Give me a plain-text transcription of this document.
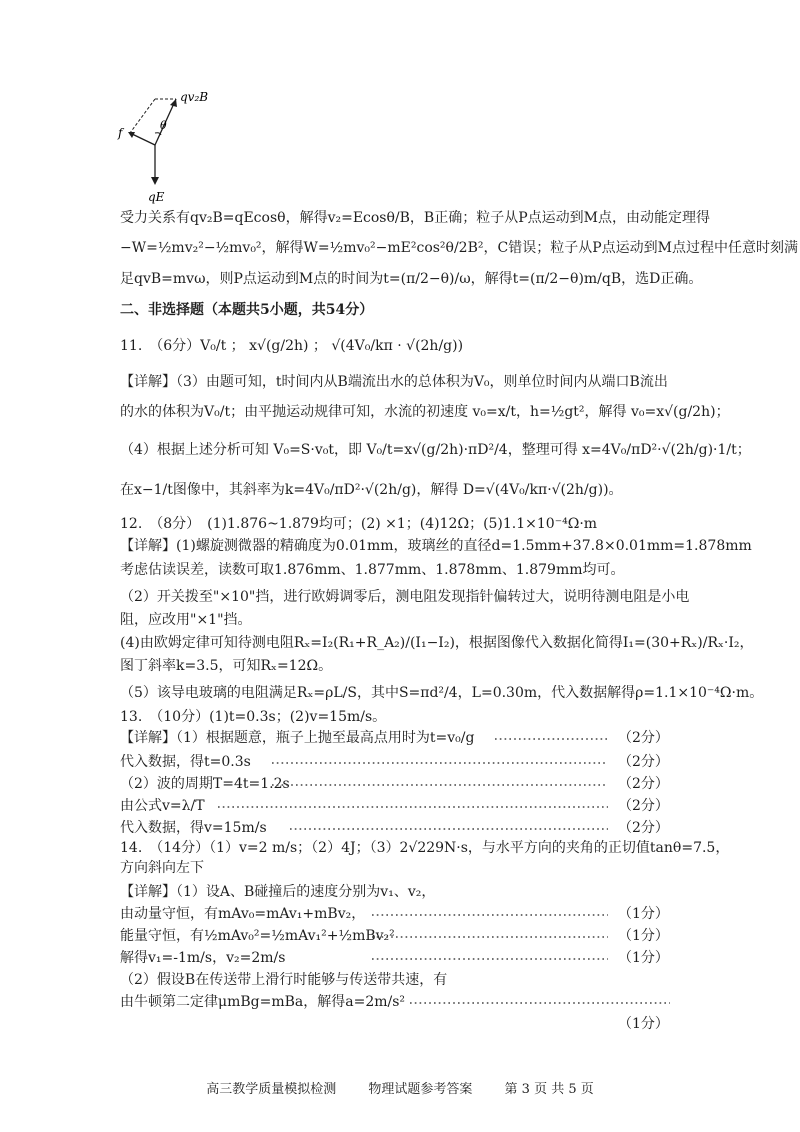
qv₂B
f
θ
qE
受力关系有qv₂B=qEcosθ，解得v₂=Ecosθ/B，B正确；粒子从P点运动到M点，由动能定理得
−W=½mv₂²−½mv₀²，解得W=½mv₀²−mE²cos²θ/2B²，C错误；粒子从P点运动到M点过程中任意时刻满
足qvB=mvω，则P点运动到M点的时间为t=(π/2−θ)/ω，解得t=(π/2−θ)m/qB，选D正确。
二、非选择题（本题共5小题，共54分）
11.　（6分）V₀/t ； x√(g/2h) ； √(4V₀/kπ · √(2h/g))
【详解】（3）由题可知，t时间内从B端流出水的总体积为V₀，则单位时间内从端口B流出
的水的体积为V₀/t；由平抛运动规律可知，水流的初速度 v₀=x/t，h=½gt²，解得 v₀=x√(g/2h)；
（4）根据上述分析可知 V₀=S·v₀t，即 V₀/t=x√(g/2h)·πD²/4，整理可得 x=4V₀/πD²·√(2h/g)·1/t；
在x−1/t图像中，其斜率为k=4V₀/πD²·√(2h/g)，解得 D=√(4V₀/kπ·√(2h/g))。
12.　（8分）　(1)1.876~1.879均可；(2) ×1；(4)12Ω；(5)1.1×10⁻⁴Ω·m
【详解】(1)螺旋测微器的精确度为0.01mm，玻璃丝的直径d=1.5mm+37.8×0.01mm=1.878mm
考虑估读误差，读数可取1.876mm、1.877mm、1.878mm、1.879mm均可。
（2）开关拨至"×10"挡，进行欧姆调零后，测电阻发现指针偏转过大，说明待测电阻是小电
阻，应改用"×1"挡。
(4)由欧姆定律可知待测电阻Rₓ=I₂(R₁+R_A₂)/(I₁−I₂)，根据图像代入数据化简得I₁=(30+Rₓ)/Rₓ·I₂，
图丁斜率k=3.5，可知Rₓ=12Ω。
（5）该导电玻璃的电阻满足Rₓ=ρL/S，其中S=πd²/4，L=0.30m，代入数据解得ρ=1.1×10⁻⁴Ω·m。
13.　（10分）(1)t=0.3s；(2)v=15m/s。
【详解】（1）根据题意，瓶子上抛至最高点用时为t=v₀/g
代入数据，得t=0.3s
（2）波的周期T=4t=1.2s
由公式v=λ/T
代入数据，得v=15m/s
14.　（14分）（1）v=2 m/s；（2）4J；（3）2√229N·s，与水平方向的夹角的正切值tanθ=7.5，
方向斜向左下
【详解】（1）设A、B碰撞后的速度分别为v₁、v₂，
由动量守恒，有mAv₀=mAv₁+mBv₂，
能量守恒，有½mAv₀²=½mAv₁²+½mBv₂²
解得v₁=-1m/s，v₂=2m/s
（2）假设B在传送带上滑行时能够与传送带共速，有
由牛顿第二定律μmBg=mBa，解得a=2m/s²
（2分）
（2分）
（2分）
（2分）
（2分）
（1分）
（1分）
（1分）
（1分）
高三教学质量模拟检测 物理试题参考答案 第 3 页 共 5 页
